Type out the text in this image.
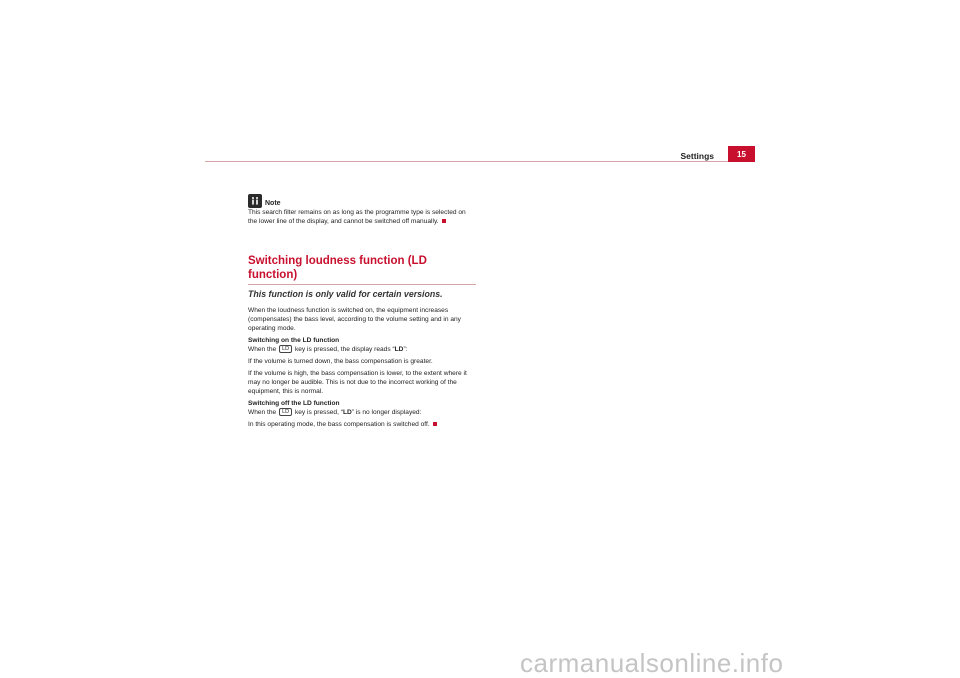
Settings	15
Note

This search filter remains on as long as the programme type is selected on the lower line of the display, and cannot be switched off manually.

Switching loudness function (LD function)
This function is only valid for certain versions.

When the loudness function is switched on, the equipment increases (compensates) the bass level, according to the volume setting and in any operating mode.

Switching on the LD function

When the LD key is pressed, the display reads “LD”:

If the volume is turned down, the bass compensation is greater.

If the volume is high, the bass compensation is lower, to the extent where it may no longer be audible. This is not due to the incorrect working of the equipment, this is normal.

Switching off the LD function

When the LD key is pressed, “LD” is no longer displayed:

In this operating mode, the bass compensation is switched off.

carmanualsonline.info
